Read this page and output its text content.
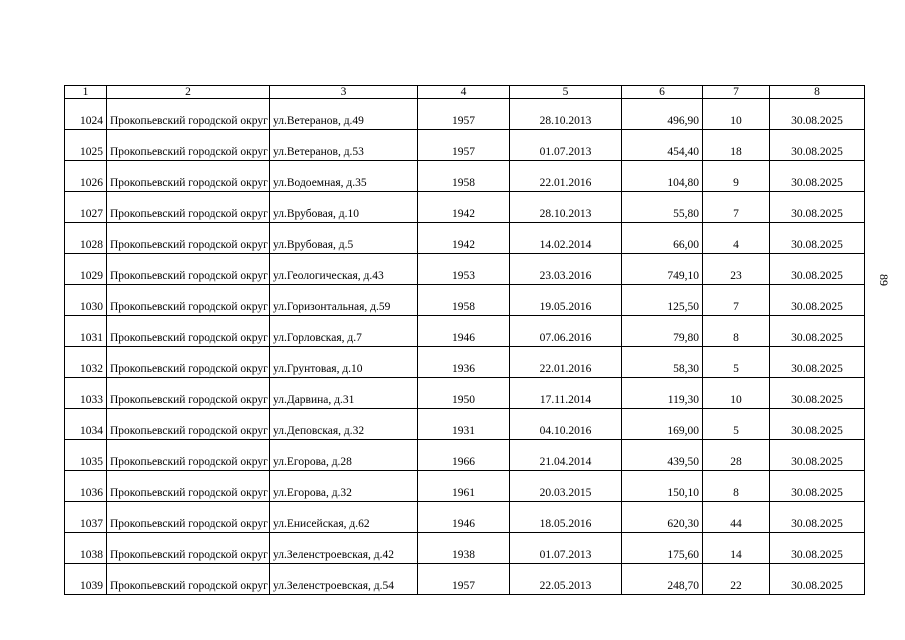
1	2	3	4	5	6	7	8
1024	Прокопьевский городской округ	ул.Ветеранов, д.49	1957	28.10.2013	496,90	10	30.08.2025
1025	Прокопьевский городской округ	ул.Ветеранов, д.53	1957	01.07.2013	454,40	18	30.08.2025
1026	Прокопьевский городской округ	ул.Водоемная, д.35	1958	22.01.2016	104,80	9	30.08.2025
1027	Прокопьевский городской округ	ул.Врубовая, д.10	1942	28.10.2013	55,80	7	30.08.2025
1028	Прокопьевский городской округ	ул.Врубовая, д.5	1942	14.02.2014	66,00	4	30.08.2025
1029	Прокопьевский городской округ	ул.Геологическая, д.43	1953	23.03.2016	749,10	23	30.08.2025
1030	Прокопьевский городской округ	ул.Горизонтальная, д.59	1958	19.05.2016	125,50	7	30.08.2025
1031	Прокопьевский городской округ	ул.Горловская, д.7	1946	07.06.2016	79,80	8	30.08.2025
1032	Прокопьевский городской округ	ул.Грунтовая, д.10	1936	22.01.2016	58,30	5	30.08.2025
1033	Прокопьевский городской округ	ул.Дарвина, д.31	1950	17.11.2014	119,30	10	30.08.2025
1034	Прокопьевский городской округ	ул.Деповская, д.32	1931	04.10.2016	169,00	5	30.08.2025
1035	Прокопьевский городской округ	ул.Егорова, д.28	1966	21.04.2014	439,50	28	30.08.2025
1036	Прокопьевский городской округ	ул.Егорова, д.32	1961	20.03.2015	150,10	8	30.08.2025
1037	Прокопьевский городской округ	ул.Енисейская, д.62	1946	18.05.2016	620,30	44	30.08.2025
1038	Прокопьевский городской округ	ул.Зеленстроевская, д.42	1938	01.07.2013	175,60	14	30.08.2025
1039	Прокопьевский городской округ	ул.Зеленстроевская, д.54	1957	22.05.2013	248,70	22	30.08.2025
89
